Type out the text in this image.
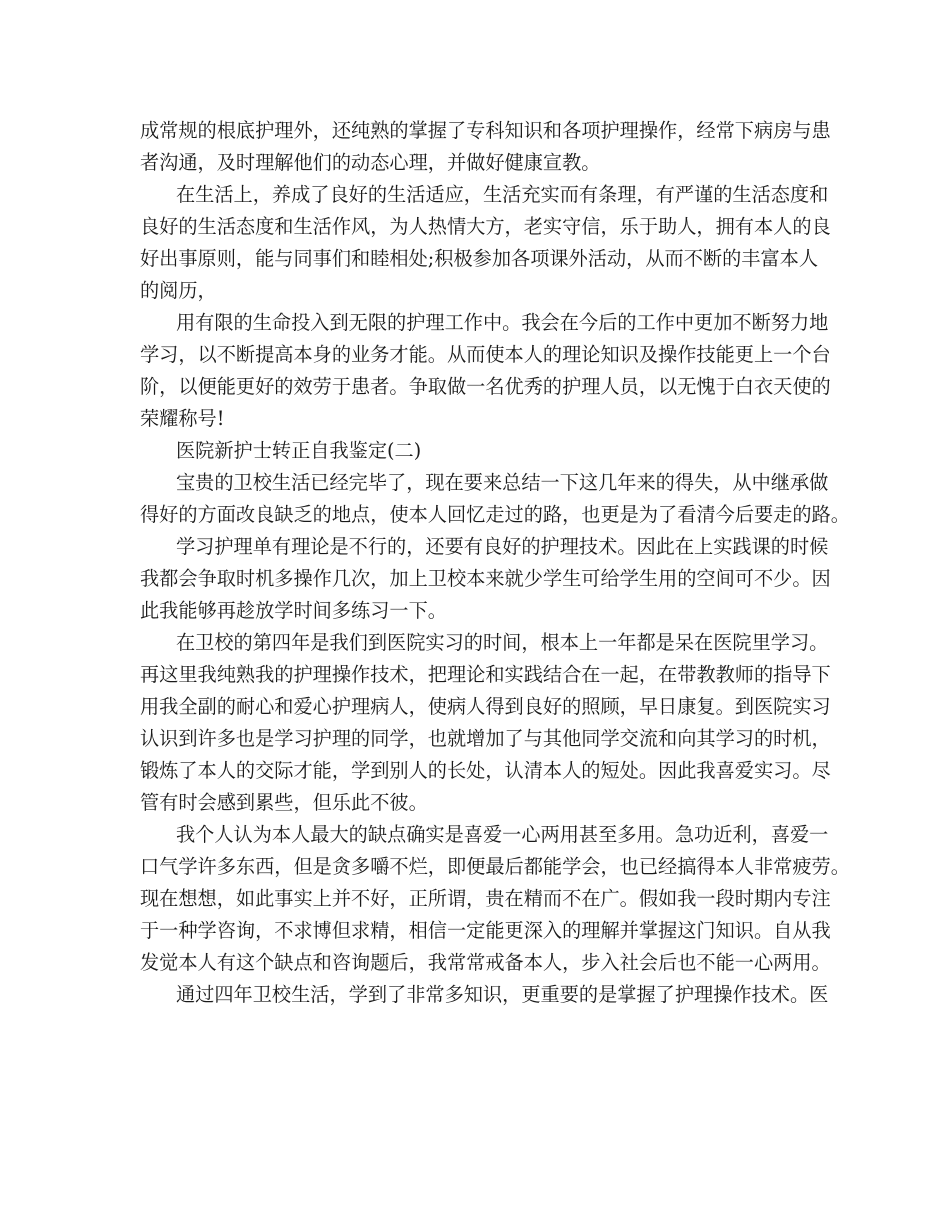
成常规的根底护理外，还纯熟的掌握了专科知识和各项护理操作，经常下病房与患
者沟通，及时理解他们的动态心理，并做好健康宣教。

在生活上，养成了良好的生活适应，生活充实而有条理，有严谨的生活态度和
良好的生活态度和生活作风，为人热情大方，老实守信，乐于助人，拥有本人的良
好出事原则，能与同事们和睦相处;积极参加各项课外活动，从而不断的丰富本人
的阅历，

用有限的生命投入到无限的护理工作中。我会在今后的工作中更加不断努力地
学习，以不断提高本身的业务才能。从而使本人的理论知识及操作技能更上一个台
阶，以便能更好的效劳于患者。争取做一名优秀的护理人员，以无愧于白衣天使的
荣耀称号!

医院新护士转正自我鉴定(二)

宝贵的卫校生活已经完毕了，现在要来总结一下这几年来的得失，从中继承做
得好的方面改良缺乏的地点，使本人回忆走过的路，也更是为了看清今后要走的路。

学习护理单有理论是不行的，还要有良好的护理技术。因此在上实践课的时候
我都会争取时机多操作几次，加上卫校本来就少学生可给学生用的空间可不少。因
此我能够再趁放学时间多练习一下。

在卫校的第四年是我们到医院实习的时间，根本上一年都是呆在医院里学习。
再这里我纯熟我的护理操作技术，把理论和实践结合在一起，在带教教师的指导下
用我全副的耐心和爱心护理病人，使病人得到良好的照顾，早日康复。到医院实习
认识到许多也是学习护理的同学，也就增加了与其他同学交流和向其学习的时机，
锻炼了本人的交际才能，学到别人的长处，认清本人的短处。因此我喜爱实习。尽
管有时会感到累些，但乐此不彼。

我个人认为本人最大的缺点确实是喜爱一心两用甚至多用。急功近利，喜爱一
口气学许多东西，但是贪多嚼不烂，即便最后都能学会，也已经搞得本人非常疲劳。
现在想想，如此事实上并不好，正所谓，贵在精而不在广。假如我一段时期内专注
于一种学咨询，不求博但求精，相信一定能更深入的理解并掌握这门知识。自从我
发觉本人有这个缺点和咨询题后，我常常戒备本人，步入社会后也不能一心两用。

通过四年卫校生活，学到了非常多知识，更重要的是掌握了护理操作技术。医
